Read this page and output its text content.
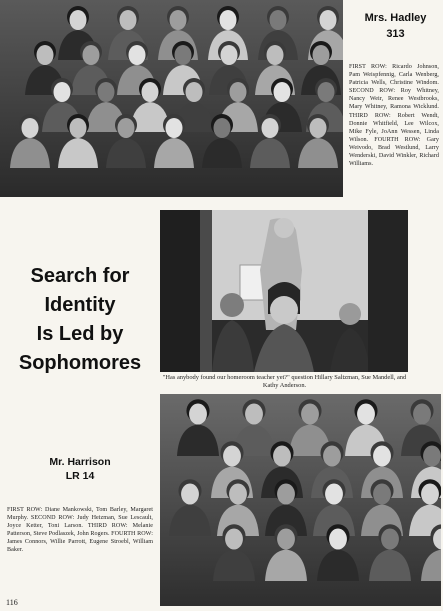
Mrs. Hadley
313
FIRST ROW: Ricardo Johnson, Pam Weispfennig, Carla Wenberg, Patricia Wells, Christine Windom. SECOND ROW: Roy Whitney, Nancy Weir, Renee Westbrooks, Mary Whitney, Ramona Wicklund. THIRD ROW: Robert Wendt, Donnie Whitfield, Lee Wilcox, Mike Fyle, JoAnn Wessen, Linda Wilson. FOURTH ROW: Gary Weivodo, Brad Westlund, Larry Wenderski, David Winkler, Richard Williams.
Search for
Identity
Is Led by
Sophomores
"Has anybody found our homeroom teacher yet?" question Hillary Saltzman, Sue Mandell, and Kathy Anderson.
Mr. Harrison
LR 14
FIRST ROW: Diane Mankowski, Tom Barley, Margaret Murphy. SECOND ROW: Judy Heizman, Sue Lescault, Joyce Ketter, Toni Larson. THIRD ROW: Melanie Patterson, Steve Podlaszek, John Rogers. FOURTH ROW: James Connors, Willie Parrott, Eugene Stroebl, William Baker.
116
